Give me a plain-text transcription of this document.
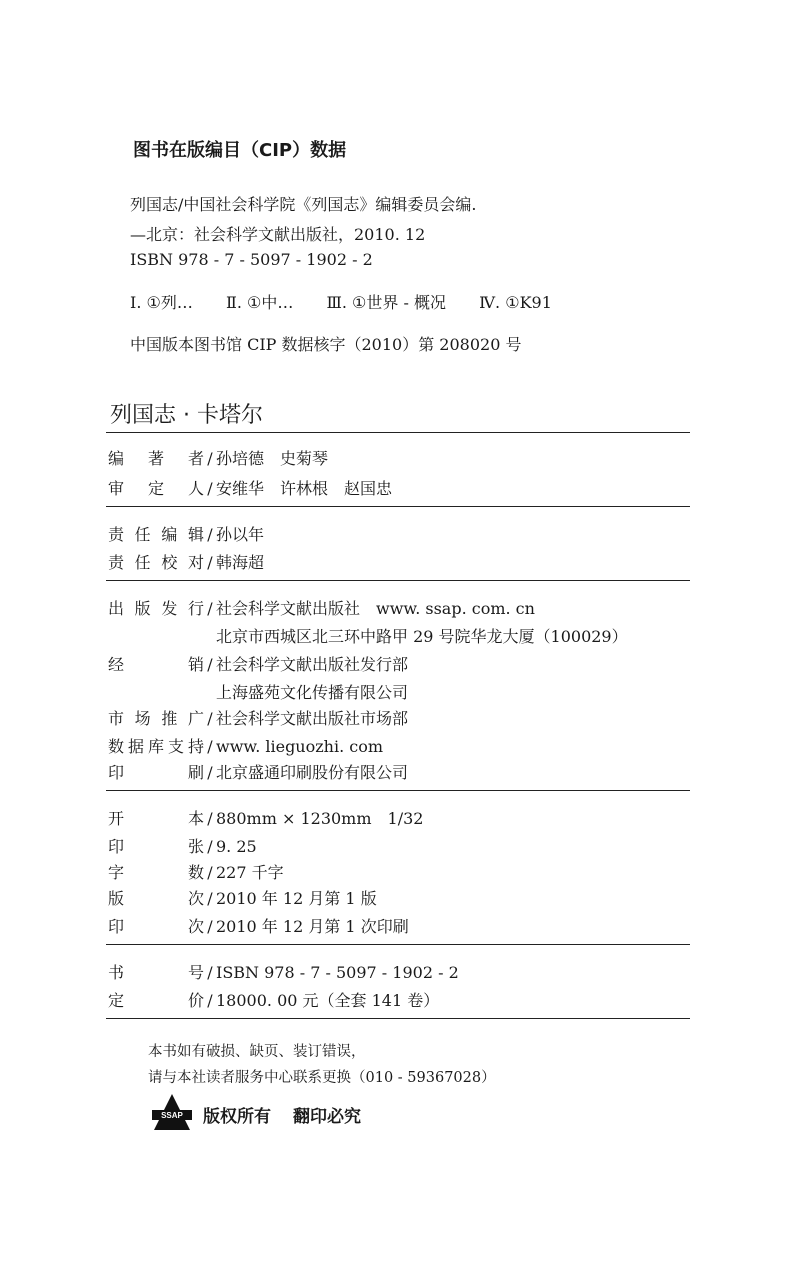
图书在版编目（CIP）数据
列国志/中国社会科学院《列国志》编辑委员会编.
—北京：社会科学文献出版社，2010. 12
ISBN 978 - 7 - 5097 - 1902 - 2
Ⅰ. ①列… Ⅱ. ①中… Ⅲ. ①世界 - 概况 Ⅳ. ①K91
中国版本图书馆 CIP 数据核字（2010）第 208020 号
列国志 · 卡塔尔
编 著 者 / 孙培德　史菊琴
审 定 人 / 安维华　许林根　赵国忠
责任编辑 / 孙以年
责任校对 / 韩海超
出版发行 / 社会科学文献出版社　www. ssap. com. cn
北京市西城区北三环中路甲 29 号院华龙大厦（100029）
经　　销 / 社会科学文献出版社发行部
上海盛苑文化传播有限公司
市场推广 / 社会科学文献出版社市场部
数据库支持 / www. lieguozhi. com
印　　刷 / 北京盛通印刷股份有限公司
开　　本 / 880mm × 1230mm　1/32
印　　张 / 9. 25
字　　数 / 227 千字
版　　次 / 2010 年 12 月第 1 版
印　　次 / 2010 年 12 月第 1 次印刷
书　　号 / ISBN 978 - 7 - 5097 - 1902 - 2
定　　价 / 18000. 00 元（全套 141 卷）
本书如有破损、缺页、装订错误，
请与本社读者服务中心联系更换（010 - 59367028）
SSAP 版权所有 翻印必究
